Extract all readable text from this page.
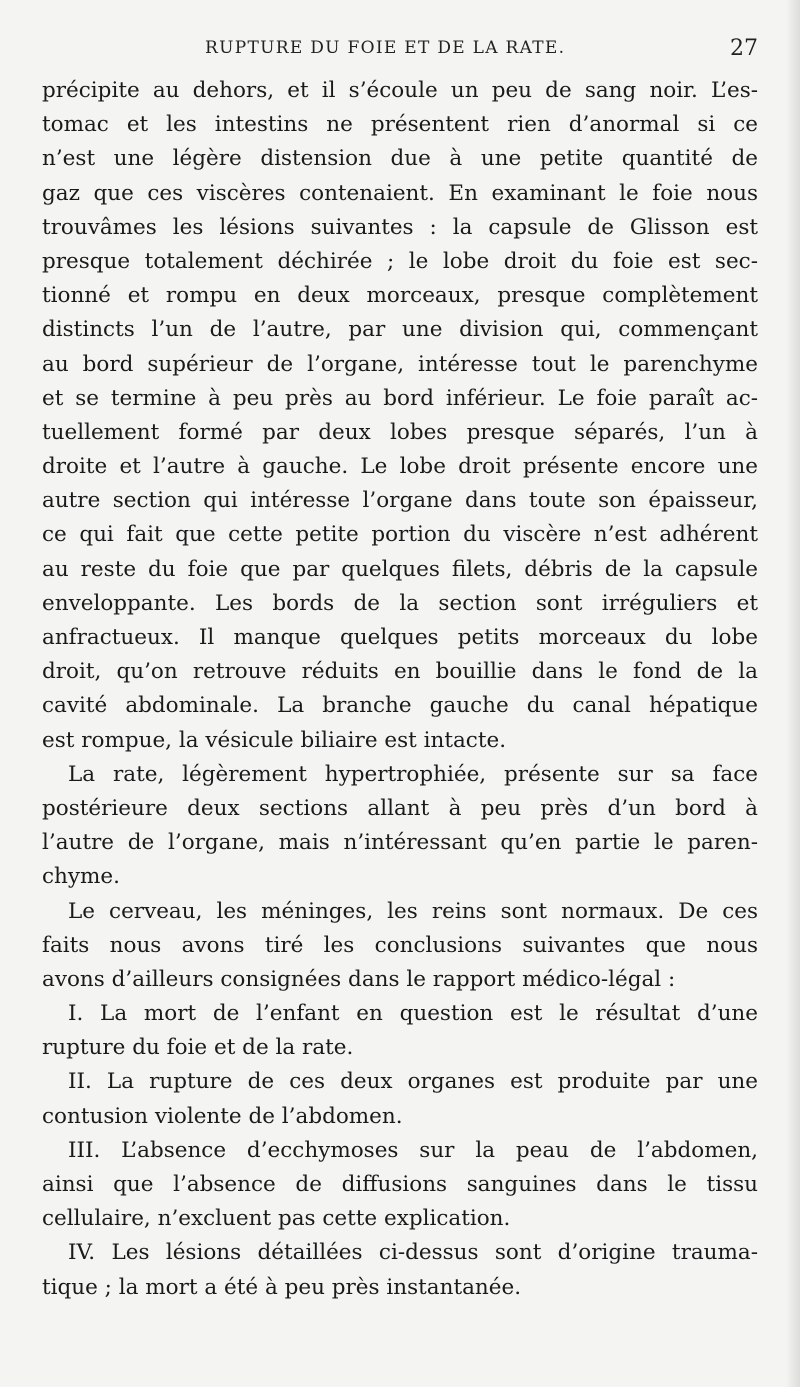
RUPTURE DU FOIE ET DE LA RATE.	27
précipite au dehors, et il s’écoule un peu de sang noir. L’es-
tomac et les intestins ne présentent rien d’anormal si ce
n’est une légère distension due à une petite quantité de
gaz que ces viscères contenaient. En examinant le foie nous
trouvâmes les lésions suivantes : la capsule de Glisson est
presque totalement déchirée ; le lobe droit du foie est sec-
tionné et rompu en deux morceaux, presque complètement
distincts l’un de l’autre, par une division qui, commençant
au bord supérieur de l’organe, intéresse tout le parenchyme
et se termine à peu près au bord inférieur. Le foie paraît ac-
tuellement formé par deux lobes presque séparés, l’un à
droite et l’autre à gauche. Le lobe droit présente encore une
autre section qui intéresse l’organe dans toute son épaisseur,
ce qui fait que cette petite portion du viscère n’est adhérent
au reste du foie que par quelques filets, débris de la capsule
enveloppante. Les bords de la section sont irréguliers et
anfractueux. Il manque quelques petits morceaux du lobe
droit, qu’on retrouve réduits en bouillie dans le fond de la
cavité abdominale. La branche gauche du canal hépatique
est rompue, la vésicule biliaire est intacte.
La rate, légèrement hypertrophiée, présente sur sa face
postérieure deux sections allant à peu près d’un bord à
l’autre de l’organe, mais n’intéressant qu’en partie le paren-
chyme.
Le cerveau, les méninges, les reins sont normaux. De ces
faits nous avons tiré les conclusions suivantes que nous
avons d’ailleurs consignées dans le rapport médico-légal :
I. La mort de l’enfant en question est le résultat d’une
rupture du foie et de la rate.
II. La rupture de ces deux organes est produite par une
contusion violente de l’abdomen.
III. L’absence d’ecchymoses sur la peau de l’abdomen,
ainsi que l’absence de diffusions sanguines dans le tissu
cellulaire, n’excluent pas cette explication.
IV. Les lésions détaillées ci-dessus sont d’origine trauma-
tique ; la mort a été à peu près instantanée.
